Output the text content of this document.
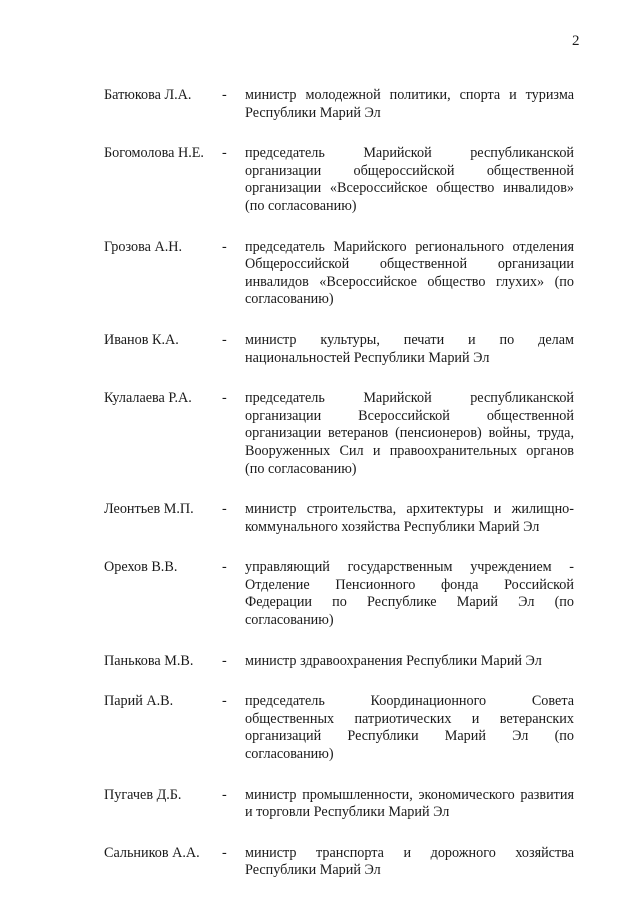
2
Батюкова Л.А. - министр молодежной политики, спорта и туризма Республики Марий Эл
Богомолова Н.Е. - председатель Марийской республиканской организации общероссийской общественной организации «Всероссийское общество инвалидов» (по согласованию)
Грозова А.Н.	- председатель Марийского регионального отделения Общероссийской общественной организации инвалидов «Всероссийское общество глухих» (по согласованию)
Иванов К.А.	- министр культуры, печати и по делам национальностей Республики Марий Эл
Кулалаева Р.А. - председатель Марийской республиканской организации Всероссийской общественной организации ветеранов (пенсионеров) войны, труда, Вооруженных Сил и правоохранительных органов (по согласованию)
Леонтьев М.П. - министр строительства, архитектуры и жилищно-коммунального хозяйства Республики Марий Эл
Орехов В.В.	- управляющий государственным учреждением - Отделение Пенсионного фонда Российской Федерации по Республике Марий Эл (по согласованию)
Панькова М.В. - министр здравоохранения Республики Марий Эл
Парий А.В.	- председатель Координационного Совета общественных патриотических и ветеранских организаций Республики Марий Эл (по согласованию)
Пугачев Д.Б.	- министр промышленности, экономического развития и торговли Республики Марий Эл
Сальников А.А. - министр транспорта и дорожного хозяйства Республики Марий Эл
